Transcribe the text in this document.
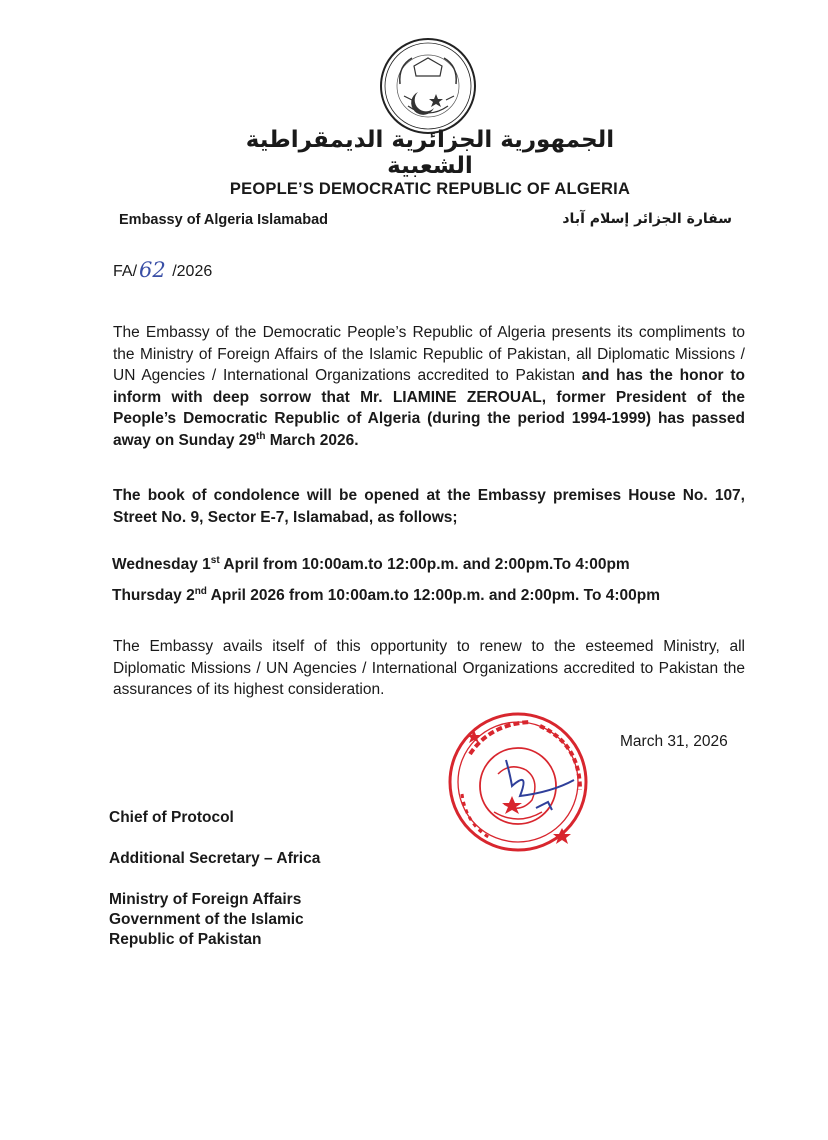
الجمهورية الجزائرية الديمقراطية الشعبية
PEOPLE’S DEMOCRATIC REPUBLIC OF ALGERIA
Embassy of Algeria Islamabad	سفارة الجزائر إسلام آباد
FA/62 /2026

The Embassy of the Democratic People’s Republic of Algeria presents its compliments to the Ministry of Foreign Affairs of the Islamic Republic of Pakistan, all Diplomatic Missions / UN Agencies / International Organizations accredited to Pakistan and has the honor to inform with deep sorrow that Mr. LIAMINE ZEROUAL, former President of the People’s Democratic Republic of Algeria (during the period 1994-1999) has passed away on Sunday 29th March 2026.

The book of condolence will be opened at the Embassy premises House No. 107, Street No. 9, Sector E-7, Islamabad, as follows;

Wednesday 1st April from 10:00am.to 12:00p.m. and 2:00pm.To 4:00pm
Thursday 2nd April 2026 from 10:00am.to 12:00p.m. and 2:00pm. To 4:00pm

The Embassy avails itself of this opportunity to renew to the esteemed Ministry, all Diplomatic Missions / UN Agencies / International Organizations accredited to Pakistan the assurances of its highest consideration.

March 31, 2026
Chief of Protocol
Additional Secretary – Africa
Ministry of Foreign Affairs
Government of the Islamic
Republic of Pakistan
